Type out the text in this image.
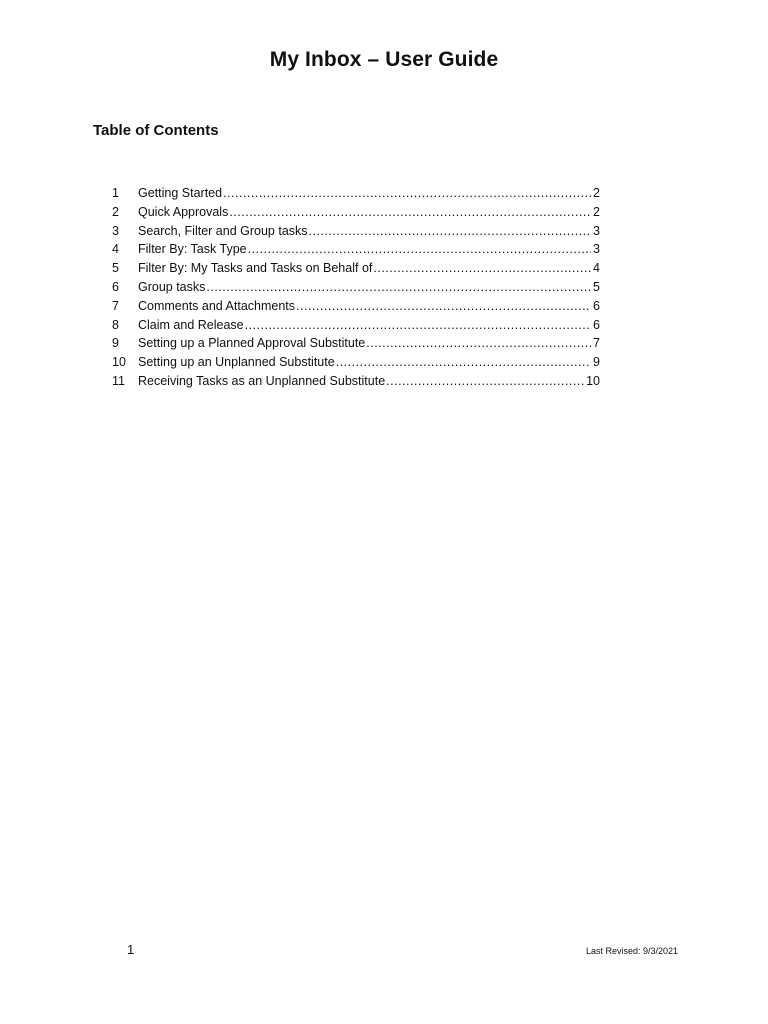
My Inbox – User Guide
Table of Contents
1	Getting Started .....	2
2	Quick Approvals .....	2
3	Search, Filter and Group tasks .....	3
4	Filter By: Task Type .....	3
5	Filter By: My Tasks and Tasks on Behalf of .....	4
6	Group tasks .....	5
7	Comments and Attachments .....	6
8	Claim and Release .....	6
9	Setting up a Planned Approval Substitute .....	7
10 Setting up an Unplanned Substitute .....	9
11	Receiving Tasks as an Unplanned Substitute .....	10
1	Last Revised: 9/3/2021
